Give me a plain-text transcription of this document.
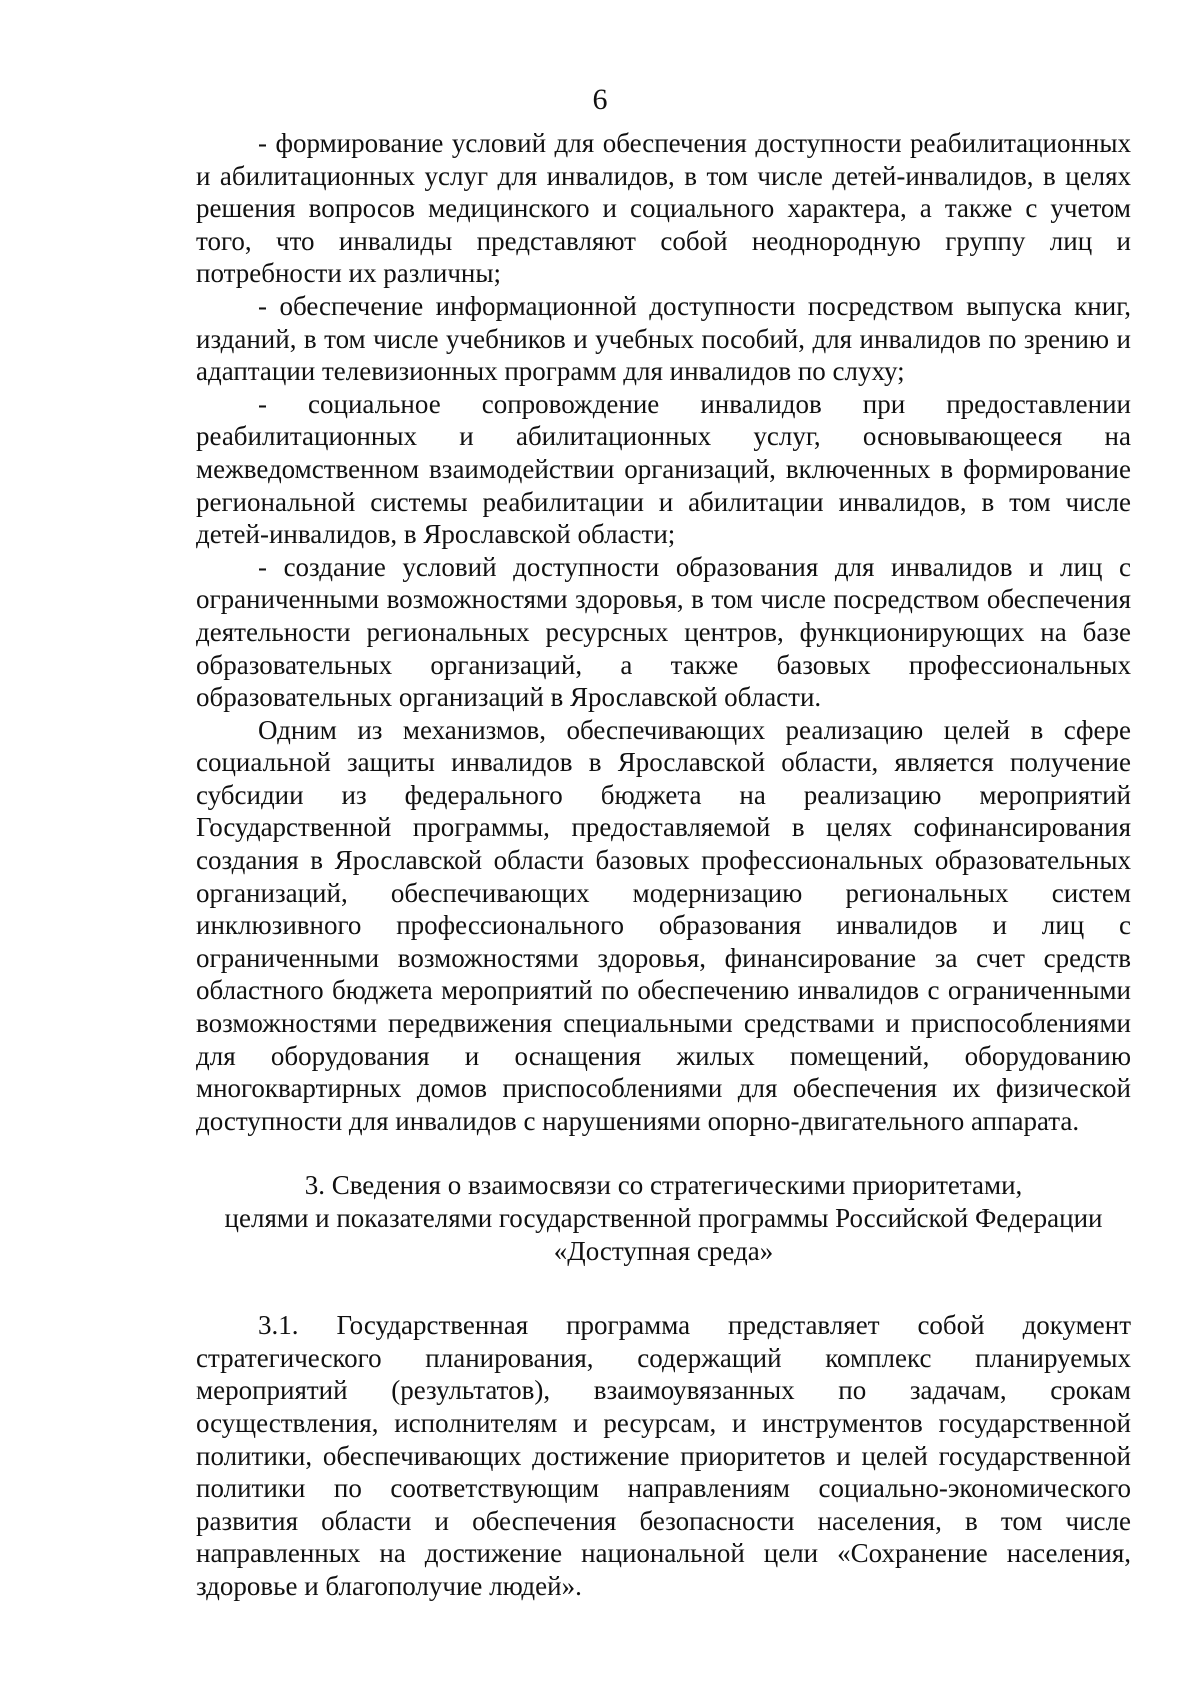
6

- формирование условий для обеспечения доступности реабилитационных и абилитационных услуг для инвалидов, в том числе детей-инвалидов, в целях решения вопросов медицинского и социального характера, а также с учетом того, что инвалиды представляют собой неоднородную группу лиц и потребности их различны;

- обеспечение информационной доступности посредством выпуска книг, изданий, в том числе учебников и учебных пособий, для инвалидов по зрению и адаптации телевизионных программ для инвалидов по слуху;

- социальное сопровождение инвалидов при предоставлении реабилитационных и абилитационных услуг, основывающееся на межведомственном взаимодействии организаций, включенных в формирование региональной системы реабилитации и абилитации инвалидов, в том числе детей-инвалидов, в Ярославской области;

- создание условий доступности образования для инвалидов и лиц с ограниченными возможностями здоровья, в том числе посредством обеспечения деятельности региональных ресурсных центров, функционирующих на базе образовательных организаций, а также базовых профессиональных образовательных организаций в Ярославской области.

Одним из механизмов, обеспечивающих реализацию целей в сфере социальной защиты инвалидов в Ярославской области, является получение субсидии из федерального бюджета на реализацию мероприятий Государственной программы, предоставляемой в целях софинансирования создания в Ярославской области базовых профессиональных образовательных организаций, обеспечивающих модернизацию региональных систем инклюзивного профессионального образования инвалидов и лиц с ограниченными возможностями здоровья, финансирование за счет средств областного бюджета мероприятий по обеспечению инвалидов с ограниченными возможностями передвижения специальными средствами и приспособлениями для оборудования и оснащения жилых помещений, оборудованию многоквартирных домов приспособлениями для обеспечения их физической доступности для инвалидов с нарушениями опорно-двигательного аппарата.

3. Сведения о взаимосвязи со стратегическими приоритетами,

целями и показателями государственной программы Российской Федерации

«Доступная среда»

3.1. Государственная программа представляет собой документ стратегического планирования, содержащий комплекс планируемых мероприятий (результатов), взаимоувязанных по задачам, срокам осуществления, исполнителям и ресурсам, и инструментов государственной политики, обеспечивающих достижение приоритетов и целей государственной политики по соответствующим направлениям социально-экономического развития области и обеспечения безопасности населения, в том числе направленных на достижение национальной цели «Сохранение населения, здоровье и благополучие людей».
